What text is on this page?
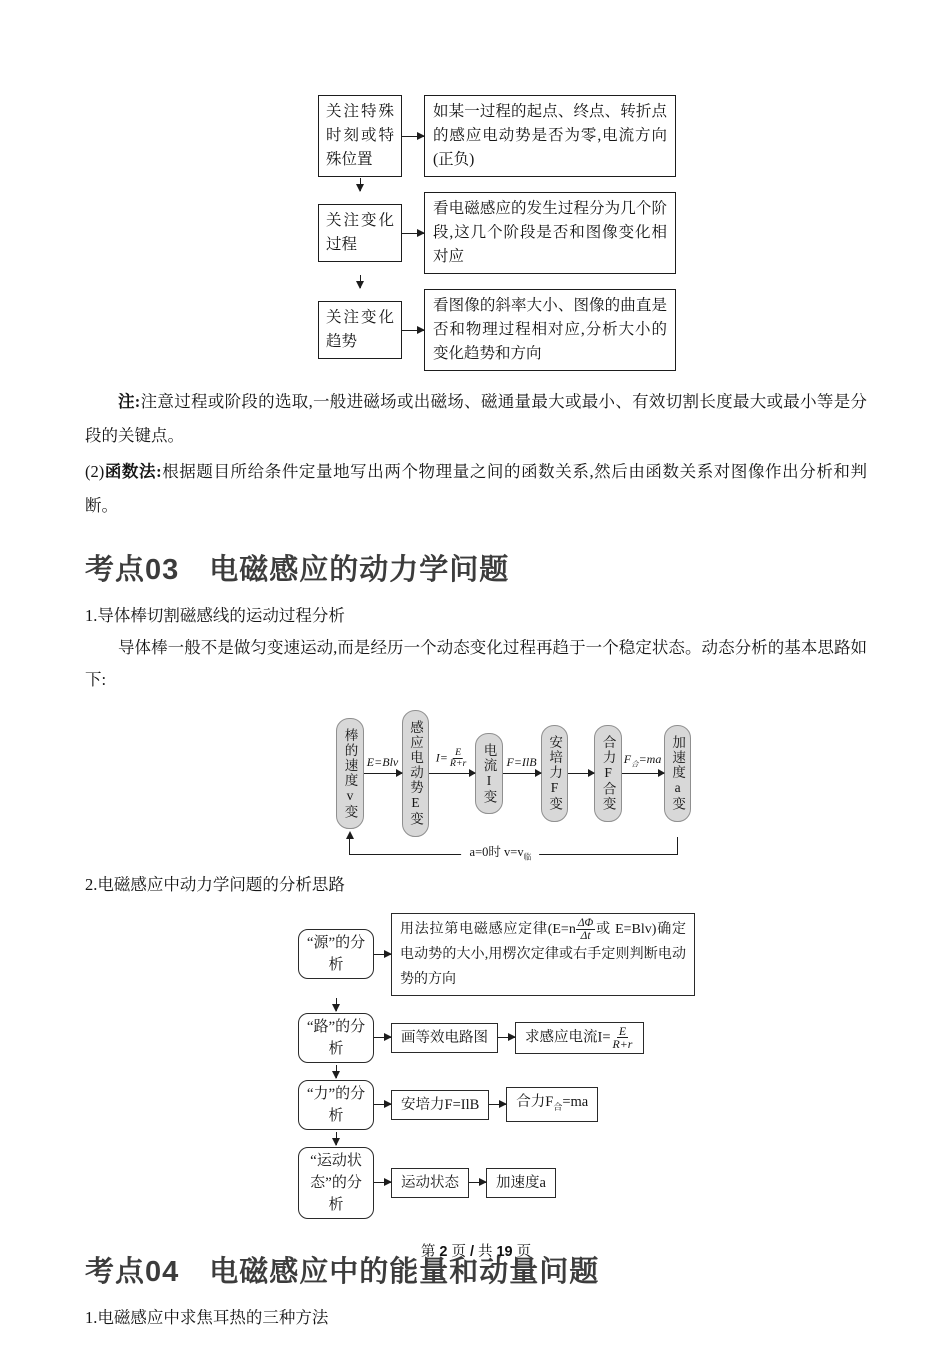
关注特殊时刻或特殊位置
如某一过程的起点、终点、转折点的感应电动势是否为零,电流方向(正负)
关注变化过程
看电磁感应的发生过程分为几个阶段,这几个阶段是否和图像变化相对应
关注变化趋势
看图像的斜率大小、图像的曲直是否和物理过程相对应,分析大小的变化趋势和方向

注:注意过程或阶段的选取,一般进磁场或出磁场、磁通量最大或最小、有效切割长度最大或最小等是分段的关键点。

(2)函数法:根据题目所给条件定量地写出两个物理量之间的函数关系,然后由函数关系对图像作出分析和判断。

考点03 电磁感应的动力学问题

1.导体棒切割磁感线的运动过程分析

导体棒一般不是做匀变速运动,而是经历一个动态变化过程再趋于一个稳定状态。动态分析的基本思路如下:

棒的速度v变 E=Blv 感应电动势E变	$I= \frac{E}{R+r}$ 电流I变 F=IlB 安培力F变	合力F合变 $F_合=ma$ 加速度a变
a=0时 $v=v_临$

2.电磁感应中动力学问题的分析思路

“源”的分析
用法拉第电磁感应定律($E=n \frac{\Delta\Phi}{\Delta t}$ 或 E=Blv)确定电动势的大小,用楞次定律或右手定则判断电动势的方向
“路”的分析
画等效电路图	求感应电流$I= \frac{E}{R+r}$
“力”的分析
安培力F=IlB	合力$F_合=ma$
“运动状态”的分析
运动状态	加速度a
考点04 电磁感应中的能量和动量问题

1.电磁感应中求焦耳热的三种方法

第 2 页 / 共 19 页
